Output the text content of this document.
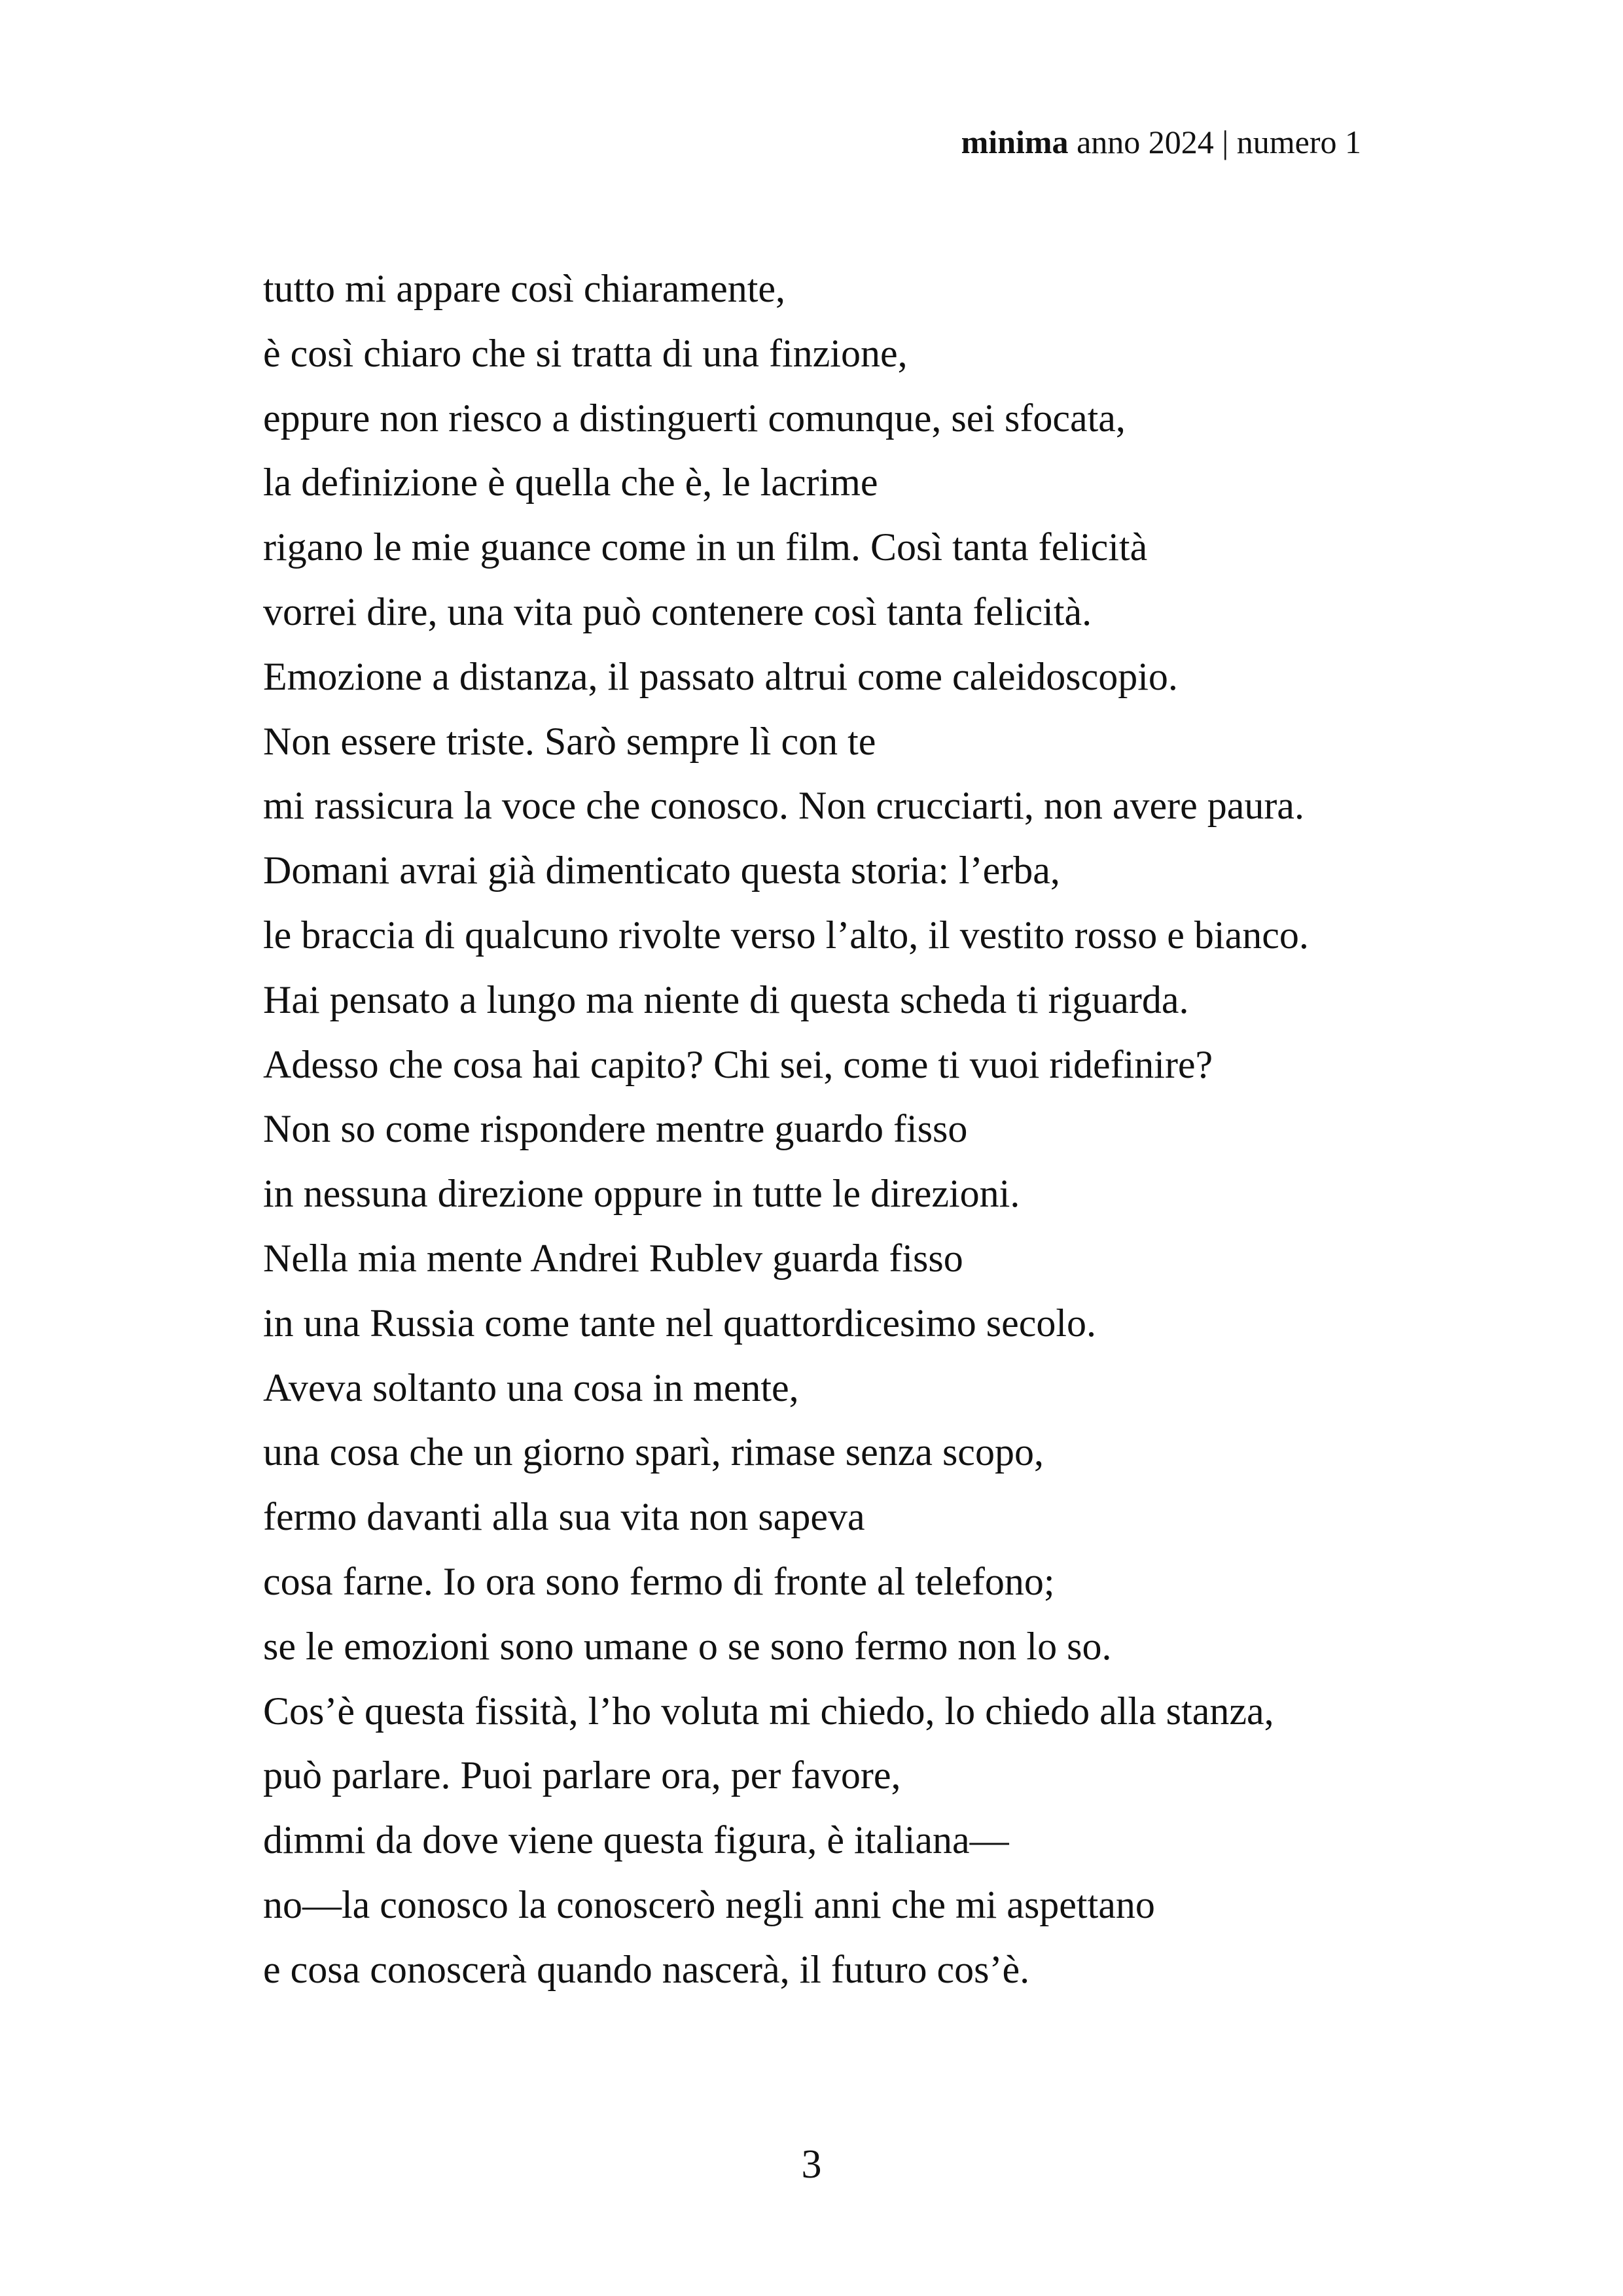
minima anno 2024 | numero 1
tutto mi appare così chiaramente,
è così chiaro che si tratta di una finzione,
eppure non riesco a distinguerti comunque, sei sfocata,
la definizione è quella che è, le lacrime
rigano le mie guance come in un film. Così tanta felicità
vorrei dire, una vita può contenere così tanta felicità.
Emozione a distanza, il passato altrui come caleidoscopio.
Non essere triste. Sarò sempre lì con te
mi rassicura la voce che conosco. Non crucciarti, non avere paura.
Domani avrai già dimenticato questa storia: l’erba,
le braccia di qualcuno rivolte verso l’alto, il vestito rosso e bianco.
Hai pensato a lungo ma niente di questa scheda ti riguarda.
Adesso che cosa hai capito? Chi sei, come ti vuoi ridefinire?
Non so come rispondere mentre guardo fisso
in nessuna direzione oppure in tutte le direzioni.
Nella mia mente Andrei Rublev guarda fisso
in una Russia come tante nel quattordicesimo secolo.
Aveva soltanto una cosa in mente,
una cosa che un giorno sparì, rimase senza scopo,
fermo davanti alla sua vita non sapeva
cosa farne. Io ora sono fermo di fronte al telefono;
se le emozioni sono umane o se sono fermo non lo so.
Cos’è questa fissità, l’ho voluta mi chiedo, lo chiedo alla stanza,
può parlare. Puoi parlare ora, per favore,
dimmi da dove viene questa figura, è italiana—
no—la conosco la conoscerò negli anni che mi aspettano
e cosa conoscerà quando nascerà, il futuro cos’è.
3
